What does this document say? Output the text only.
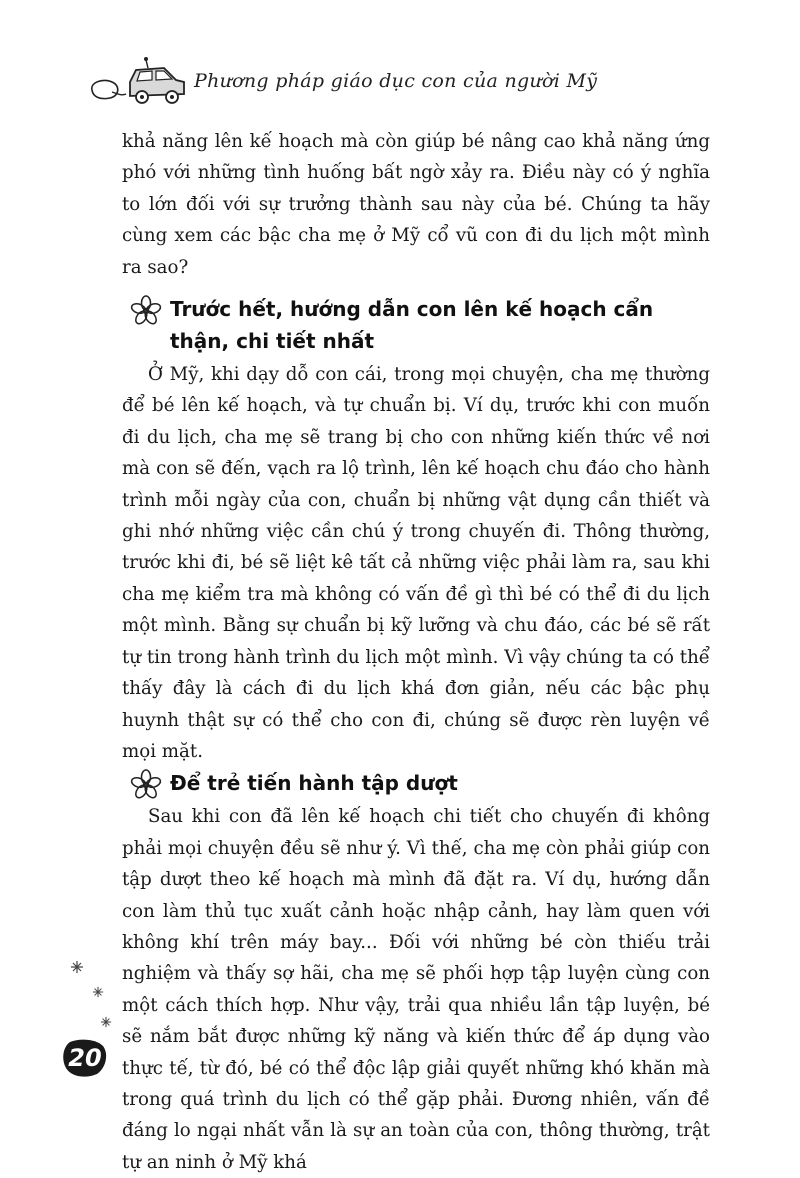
Phương pháp giáo dục con của người Mỹ

khả năng lên kế hoạch mà còn giúp bé nâng cao khả năng ứng phó với những tình huống bất ngờ xảy ra. Điều này có ý nghĩa to lớn đối với sự trưởng thành sau này của bé. Chúng ta hãy cùng xem các bậc cha mẹ ở Mỹ cổ vũ con đi du lịch một mình ra sao?

Trước hết, hướng dẫn con lên kế hoạch cẩn thận, chi tiết nhất

Ở Mỹ, khi dạy dỗ con cái, trong mọi chuyện, cha mẹ thường để bé lên kế hoạch, và tự chuẩn bị. Ví dụ, trước khi con muốn đi du lịch, cha mẹ sẽ trang bị cho con những kiến thức về nơi mà con sẽ đến, vạch ra lộ trình, lên kế hoạch chu đáo cho hành trình mỗi ngày của con, chuẩn bị những vật dụng cần thiết và ghi nhớ những việc cần chú ý trong chuyến đi. Thông thường, trước khi đi, bé sẽ liệt kê tất cả những việc phải làm ra, sau khi cha mẹ kiểm tra mà không có vấn đề gì thì bé có thể đi du lịch một mình. Bằng sự chuẩn bị kỹ lưỡng và chu đáo, các bé sẽ rất tự tin trong hành trình du lịch một mình. Vì vậy chúng ta có thể thấy đây là cách đi du lịch khá đơn giản, nếu các bậc phụ huynh thật sự có thể cho con đi, chúng sẽ được rèn luyện về mọi mặt.

Để trẻ tiến hành tập dượt

Sau khi con đã lên kế hoạch chi tiết cho chuyến đi không phải mọi chuyện đều sẽ như ý. Vì thế, cha mẹ còn phải giúp con tập dượt theo kế hoạch mà mình đã đặt ra. Ví dụ, hướng dẫn con làm thủ tục xuất cảnh hoặc nhập cảnh, hay làm quen với không khí trên máy bay... Đối với những bé còn thiếu trải nghiệm và thấy sợ hãi, cha mẹ sẽ phối hợp tập luyện cùng con một cách thích hợp. Như vậy, trải qua nhiều lần tập luyện, bé sẽ nắm bắt được những kỹ năng và kiến thức để áp dụng vào thực tế, từ đó, bé có thể độc lập giải quyết những khó khăn mà trong quá trình du lịch có thể gặp phải. Đương nhiên, vấn đề đáng lo ngại nhất vẫn là sự an toàn của con, thông thường, trật tự an ninh ở Mỹ khá

20
